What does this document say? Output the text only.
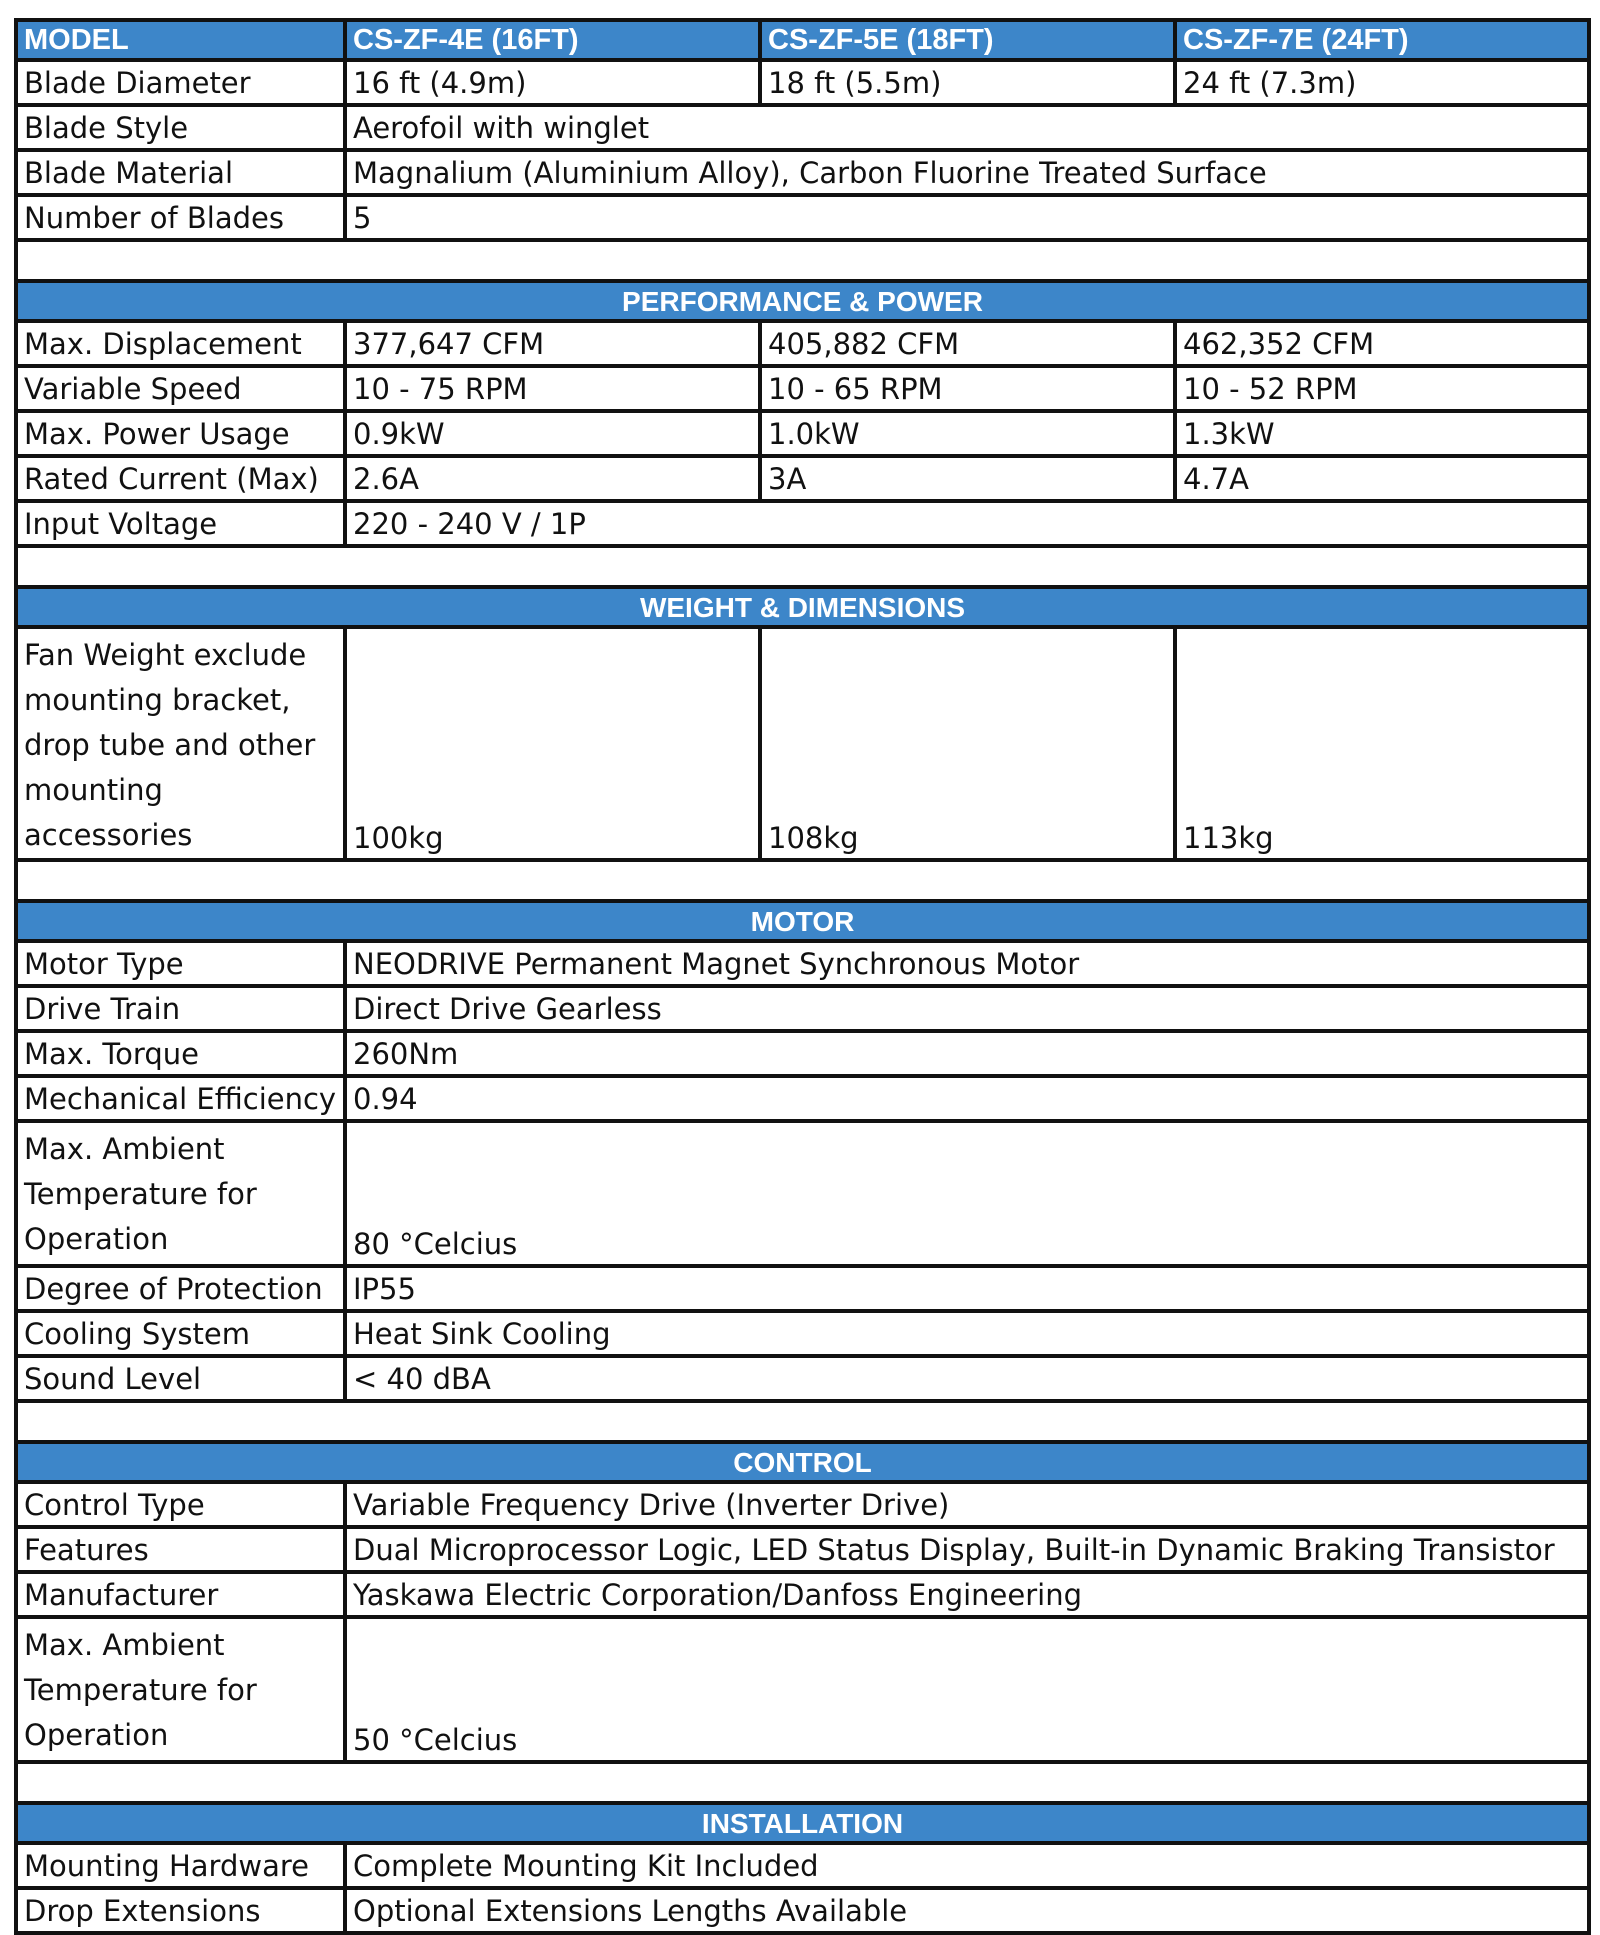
MODEL	CS-ZF-4E (16FT)	CS-ZF-5E (18FT)	CS-ZF-7E (24FT)
Blade Diameter	16 ft (4.9m)	18 ft (5.5m)	24 ft (7.3m)
Blade Style	Aerofoil with winglet		
Blade Material	Magnalium (Aluminium Alloy), Carbon Fluorine Treated Surface		
Number of Blades	5		

PERFORMANCE & POWER			
Max. Displacement	377,647 CFM	405,882 CFM	462,352 CFM
Variable Speed	10 - 75 RPM	10 - 65 RPM	10 - 52 RPM
Max. Power Usage	0.9kW	1.0kW	1.3kW
Rated Current (Max)	2.6A	3A	4.7A
Input Voltage	220 - 240 V / 1P		

WEIGHT & DIMENSIONS			
Fan Weight exclude mounting bracket, drop tube and other mounting accessories	100kg	108kg	113kg

MOTOR			
Motor Type	NEODRIVE Permanent Magnet Synchronous Motor		
Drive Train	Direct Drive Gearless		
Max. Torque	260Nm		
Mechanical Efficiency	0.94		
Max. Ambient Temperature for Operation	80 °Celcius		
Degree of Protection	IP55		
Cooling System	Heat Sink Cooling		
Sound Level	< 40 dBA		

CONTROL			
Control Type	Variable Frequency Drive (Inverter Drive)		
Features	Dual Microprocessor Logic, LED Status Display, Built-in Dynamic Braking Transistor		
Manufacturer	Yaskawa Electric Corporation/Danfoss Engineering		
Max. Ambient Temperature for Operation	50 °Celcius		

INSTALLATION			
Mounting Hardware	Complete Mounting Kit Included		
Drop Extensions	Optional Extensions Lengths Available		
